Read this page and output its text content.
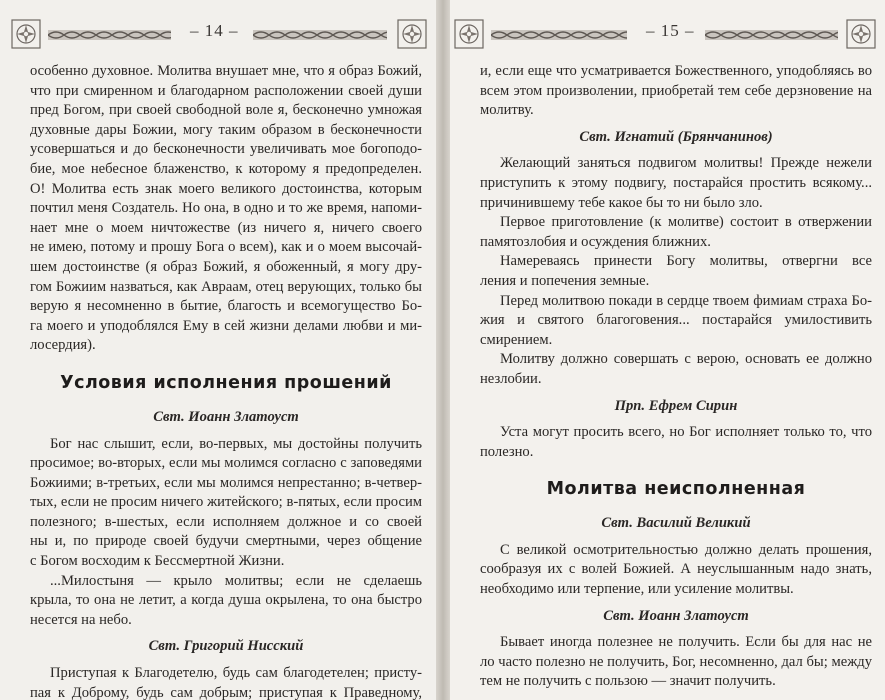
– 14 –
особенно духовное. Молитва внушает мне, что я образ Божий,
что при смиренном и благодарном расположении своей души
пред Богом, при своей свободной воле я, бесконечно умножая
духовные дары Божии, могу таким образом в бесконечности
усовершаться и до бесконечности увеличивать мое богоподо-
бие, мое небесное блаженство, к которому я предопределен.
О! Молитва есть знак моего великого достоинства, которым
почтил меня Создатель. Но она, в одно и то же время, напоми-
нает мне о моем ничтожестве (из ничего я, ничего своего
не имею, потому и прошу Бога о всем), как и о моем высочай-
шем достоинстве (я образ Божий, я обоженный, я могу дру-
гом Божиим назваться, как Авраам, отец верующих, только бы
верую я несомненно в бытие, благость и всемогущество Бо-
га моего и уподоблялся Ему в сей жизни делами любви и ми-
лосердия).
Условия исполнения прошений
Свт. Иоанн Златоуст
Бог нас слышит, если, во-первых, мы достойны получить
просимое; во-вторых, если мы молимся согласно с заповедями
Божиими; в-третьих, если мы молимся непрестанно; в-четвер-
тых, если не просим ничего житейского; в-пятых, если просим
полезного; в-шестых, если исполняем должное и со своей
ны и, по природе своей будучи смертными, через общение
с Богом восходим к Бессмертной Жизни.
...Милостыня — крыло молитвы; если не сделаешь
крыла, то она не летит, а когда душа окрылена, то она быстро
несется на небо.
Свт. Григорий Нисский
Приступая к Благодетелю, будь сам благодетелен; присту-
пая к Доброму, будь сам добрым; приступая к Праведному,
– 15 –
и, если еще что усматривается Божественного, уподобляясь во
всем этом произволении, приобретай тем себе дерзновение на
молитву.
Свт. Игнатий (Брянчанинов)
Желающий заняться подвигом молитвы! Прежде нежели
приступить к этому подвигу, постарайся простить всякому...
причинившему тебе какое бы то ни было зло.
Первое приготовление (к молитве) состоит в отвержении
памятозлобия и осуждения ближних.
Намереваясь принести Богу молитвы, отвергни все
ления и попечения земные.
Перед молитвою покади в сердце твоем фимиам страха Бо-
жия и святого благоговения... постарайся умилостивить
смирением.
Молитву должно совершать с верою, основать ее должно
незлобии.
Прп. Ефрем Сирин
Уста могут просить всего, но Бог исполняет только то, что
полезно.
Молитва неисполненная
Свт. Василий Великий
С великой осмотрительностью должно делать прошения,
сообразуя их с волей Божией. А неуслышанным надо знать,
необходимо или терпение, или усиление молитвы.
Свт. Иоанн Златоуст
Бывает иногда полезнее не получить. Если бы для нас не
ло часто полезно не получить, Бог, несомненно, дал бы; между
тем не получить с пользою — значит получить.
